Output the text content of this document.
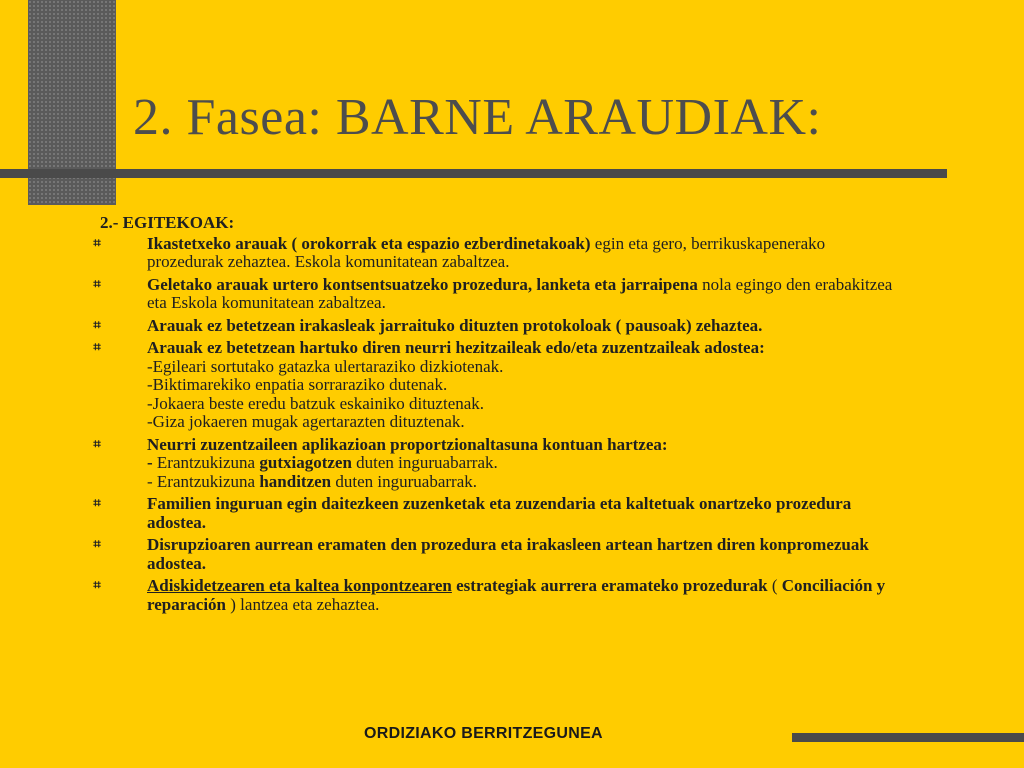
2. Fasea: BARNE ARAUDIAK:
2.- EGITEKOAK:
⌗	Ikastetxeko arauak ( orokorrak eta espazio ezberdinetakoak) egin eta gero, berrikuskapenerako prozedurak zehaztea. Eskola komunitatean zabaltzea.
⌗	Geletako arauak urtero kontsentsuatzeko prozedura, lanketa eta jarraipena nola egingo den erabakitzea eta Eskola komunitatean zabaltzea.
⌗	Arauak ez betetzean irakasleak jarraituko dituzten protokoloak ( pausoak) zehaztea.
⌗	Arauak ez betetzean hartuko diren neurri hezitzaileak edo/eta zuzentzaileak adostea:
-Egileari sortutako gatazka ulertaraziko dizkiotenak.
-Biktimarekiko enpatia sorraraziko dutenak.
-Jokaera beste eredu batzuk eskainiko dituztenak.
-Giza jokaeren mugak agertarazten dituztenak.
⌗	Neurri zuzentzaileen aplikazioan proportzionaltasuna kontuan hartzea:
- Erantzukizuna gutxiagotzen duten inguruabarrak.
- Erantzukizuna handitzen duten inguruabarrak.
⌗	Familien inguruan egin daitezkeen zuzenketak eta zuzendaria eta kaltetuak onartzeko prozedura adostea.
⌗	Disrupzioaren aurrean eramaten den prozedura eta irakasleen artean hartzen diren konpromezuak adostea.
⌗	Adiskidetzearen eta kaltea konpontzearen estrategiak aurrera eramateko prozedurak ( Conciliación y reparación ) lantzea eta zehaztea.
ORDIZIAKO BERRITZEGUNEA
